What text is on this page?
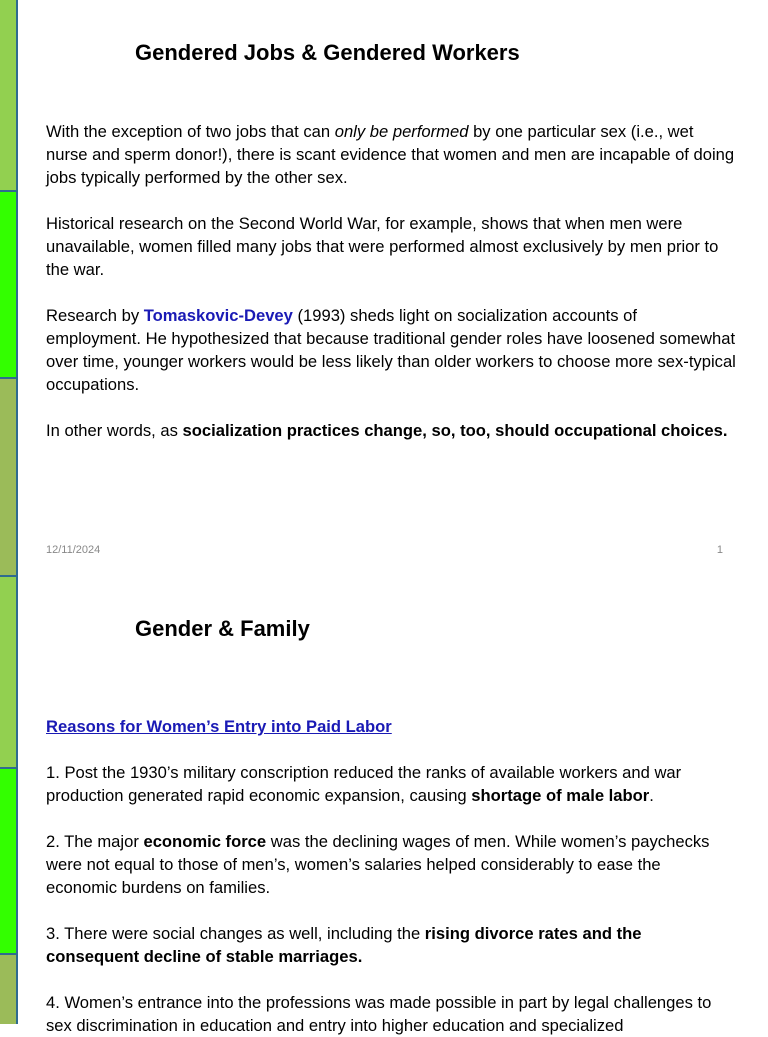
Gendered Jobs & Gendered Workers

With the exception of two jobs that can only be performed by one particular sex (i.e., wet nurse and sperm donor!), there is scant evidence that women and men are incapable of doing jobs typically performed by the other sex.

Historical research on the Second World War, for example, shows that when men were unavailable, women filled many jobs that were performed almost exclusively by men prior to the war.

Research by Tomaskovic-Devey (1993) sheds light on socialization accounts of employment. He hypothesized that because traditional gender roles have loosened somewhat over time, younger workers would be less likely than older workers to choose more sex-typical occupations.

In other words, as socialization practices change, so, too, should occupational choices.

12/11/2024	1
Gender & Family

Reasons for Women’s Entry into Paid Labor

1. Post the 1930’s military conscription reduced the ranks of available workers and war production generated rapid economic expansion, causing shortage of male labor.

2. The major economic force was the declining wages of men. While women’s paychecks were not equal to those of men’s, women’s salaries helped considerably to ease the economic burdens on families.

3. There were social changes as well, including the rising divorce rates and the consequent decline of stable marriages.

4. Women’s entrance into the professions was made possible in part by legal challenges to sex discrimination in education and entry into higher education and specialized
